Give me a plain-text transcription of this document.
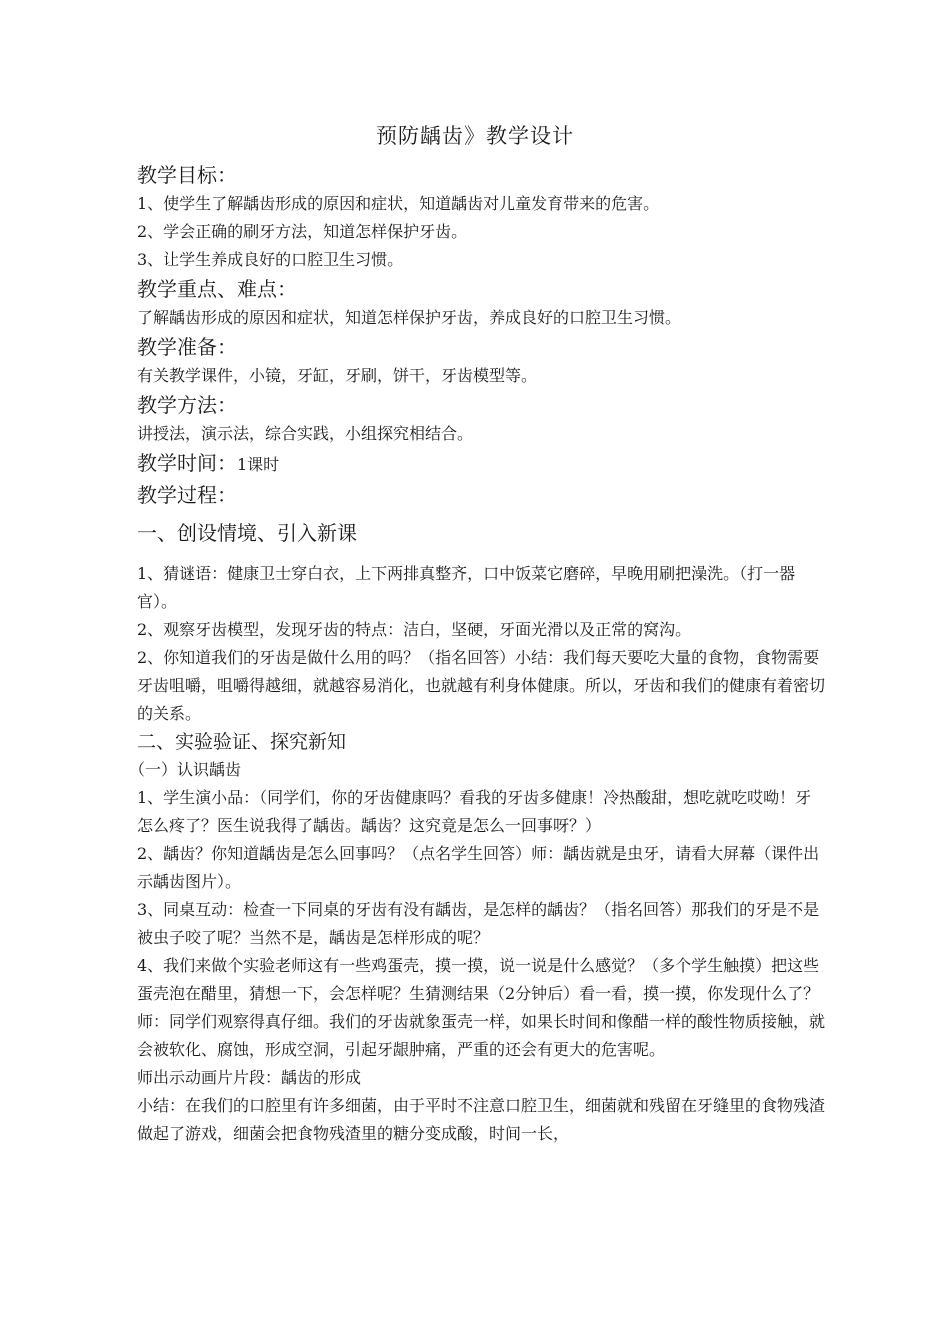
预防龋齿》教学设计
教学目标：

1、使学生了解龋齿形成的原因和症状，知道龋齿对儿童发育带来的危害。

2、学会正确的刷牙方法，知道怎样保护牙齿。

3、让学生养成良好的口腔卫生习惯。

教学重点、难点：

了解龋齿形成的原因和症状，知道怎样保护牙齿，养成良好的口腔卫生习惯。

教学准备：

有关教学课件，小镜，牙缸，牙刷，饼干，牙齿模型等。

教学方法：

讲授法，演示法，综合实践，小组探究相结合。

教学时间：1课时
教学过程：
一、创设情境、引入新课

1、猜谜语：健康卫士穿白衣，上下两排真整齐，口中饭菜它磨碎，早晚用刷把澡洗。（打一器官）。

2、观察牙齿模型，发现牙齿的特点：洁白，坚硬，牙面光滑以及正常的窝沟。

2、你知道我们的牙齿是做什么用的吗？（指名回答）小结：我们每天要吃大量的食物，食物需要牙齿咀嚼，咀嚼得越细，就越容易消化，也就越有利身体健康。所以，牙齿和我们的健康有着密切的关系。

二、实验验证、探究新知

（一）认识龋齿

1、学生演小品：（同学们，你的牙齿健康吗？看我的牙齿多健康！冷热酸甜，想吃就吃哎呦！牙怎么疼了？医生说我得了龋齿。龋齿？这究竟是怎么一回事呀？）

2、龋齿？你知道龋齿是怎么回事吗？（点名学生回答）师：龋齿就是虫牙，请看大屏幕（课件出示龋齿图片）。

3、同桌互动：检查一下同桌的牙齿有没有龋齿，是怎样的龋齿？（指名回答）那我们的牙是不是被虫子咬了呢？当然不是，龋齿是怎样形成的呢？

4、我们来做个实验老师这有一些鸡蛋壳，摸一摸，说一说是什么感觉？（多个学生触摸）把这些蛋壳泡在醋里，猜想一下，会怎样呢？生猜测结果（2分钟后）看一看，摸一摸，你发现什么了？

师：同学们观察得真仔细。我们的牙齿就象蛋壳一样，如果长时间和像醋一样的酸性物质接触，就会被软化、腐蚀，形成空洞，引起牙龈肿痛，严重的还会有更大的危害呢。

师出示动画片片段：龋齿的形成

小结：在我们的口腔里有许多细菌，由于平时不注意口腔卫生，细菌就和残留在牙缝里的食物残渣做起了游戏，细菌会把食物残渣里的糖分变成酸，时间一长，
